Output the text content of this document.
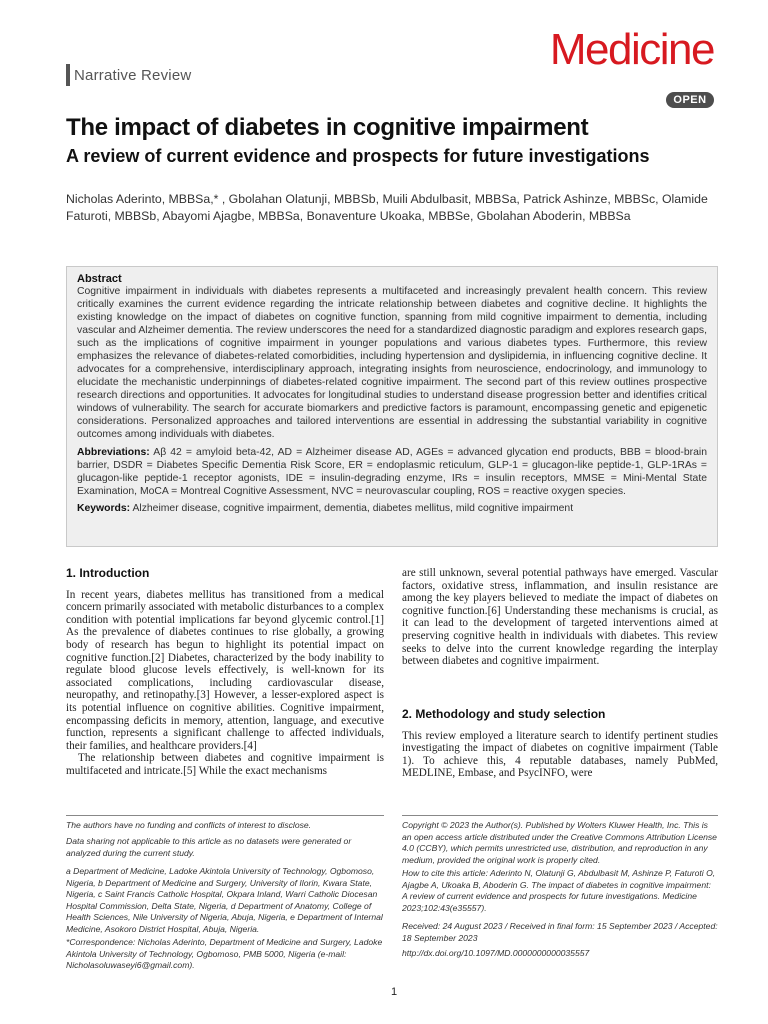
Narrative Review
Medicine
OPEN
The impact of diabetes in cognitive impairment
A review of current evidence and prospects for future investigations
Nicholas Aderinto, MBBSa,* , Gbolahan Olatunji, MBBSb, Muili Abdulbasit, MBBSa, Patrick Ashinze, MBBSc, Olamide Faturoti, MBBSb, Abayomi Ajagbe, MBBSa, Bonaventure Ukoaka, MBBSe, Gbolahan Aboderin, MBBSa
Abstract
Cognitive impairment in individuals with diabetes represents a multifaceted and increasingly prevalent health concern. This review critically examines the current evidence regarding the intricate relationship between diabetes and cognitive decline. It highlights the existing knowledge on the impact of diabetes on cognitive function, spanning from mild cognitive impairment to dementia, including vascular and Alzheimer dementia. The review underscores the need for a standardized diagnostic paradigm and explores research gaps, such as the implications of cognitive impairment in younger populations and various diabetes types. Furthermore, this review emphasizes the relevance of diabetes-related comorbidities, including hypertension and dyslipidemia, in influencing cognitive decline. It advocates for a comprehensive, interdisciplinary approach, integrating insights from neuroscience, endocrinology, and immunology to elucidate the mechanistic underpinnings of diabetes-related cognitive impairment. The second part of this review outlines prospective research directions and opportunities. It advocates for longitudinal studies to understand disease progression better and identifies critical windows of vulnerability. The search for accurate biomarkers and predictive factors is paramount, encompassing genetic and epigenetic considerations. Personalized approaches and tailored interventions are essential in addressing the substantial variability in cognitive outcomes among individuals with diabetes.
Abbreviations: Aβ 42 = amyloid beta-42, AD = Alzheimer disease AD, AGEs = advanced glycation end products, BBB = blood-brain barrier, DSDR = Diabetes Specific Dementia Risk Score, ER = endoplasmic reticulum, GLP-1 = glucagon-like peptide-1, GLP-1RAs = glucagon-like peptide-1 receptor agonists, IDE = insulin-degrading enzyme, IRs = insulin receptors, MMSE = Mini-Mental State Examination, MoCA = Montreal Cognitive Assessment, NVC = neurovascular coupling, ROS = reactive oxygen species.
Keywords: Alzheimer disease, cognitive impairment, dementia, diabetes mellitus, mild cognitive impairment
1. Introduction

In recent years, diabetes mellitus has transitioned from a medical concern primarily associated with metabolic disturbances to a complex condition with potential implications far beyond glycemic control.[1] As the prevalence of diabetes continues to rise globally, a growing body of research has begun to highlight its potential impact on cognitive function.[2] Diabetes, characterized by the body inability to regulate blood glucose levels effectively, is well-known for its associated complications, including cardiovascular disease, neuropathy, and retinopathy.[3] However, a lesser-explored aspect is its potential influence on cognitive abilities. Cognitive impairment, encompassing deficits in memory, attention, language, and executive function, represents a significant challenge to affected individuals, their families, and healthcare providers.[4]

The relationship between diabetes and cognitive impairment is multifaceted and intricate.[5] While the exact mechanisms

are still unknown, several potential pathways have emerged. Vascular factors, oxidative stress, inflammation, and insulin resistance are among the key players believed to mediate the impact of diabetes on cognitive function.[6] Understanding these mechanisms is crucial, as it can lead to the development of targeted interventions aimed at preserving cognitive health in individuals with diabetes. This review seeks to delve into the current knowledge regarding the interplay between diabetes and cognitive impairment.

2. Methodology and study selection

This review employed a literature search to identify pertinent studies investigating the impact of diabetes on cognitive impairment (Table 1). To achieve this, 4 reputable databases, namely PubMed, MEDLINE, Embase, and PsycINFO, were

The authors have no funding and conflicts of interest to disclose.
Data sharing not applicable to this article as no datasets were generated or analyzed during the current study.
a Department of Medicine, Ladoke Akintola University of Technology, Ogbomoso, Nigeria, b Department of Medicine and Surgery, University of Ilorin, Kwara State, Nigeria, c Saint Francis Catholic Hospital, Okpara Inland, Warri Catholic Diocesan Hospital Commission, Delta State, Nigeria, d Department of Anatomy, College of Health Sciences, Nile University of Nigeria, Abuja, Nigeria, e Department of Internal Medicine, Asokoro District Hospital, Abuja, Nigeria.
*Correspondence: Nicholas Aderinto, Department of Medicine and Surgery, Ladoke Akintola University of Technology, Ogbomoso, PMB 5000, Nigeria (e-mail: Nicholasoluwaseyi6@gmail.com).
Copyright © 2023 the Author(s). Published by Wolters Kluwer Health, Inc. This is an open access article distributed under the Creative Commons Attribution License 4.0 (CCBY), which permits unrestricted use, distribution, and reproduction in any medium, provided the original work is properly cited.
How to cite this article: Aderinto N, Olatunji G, Abdulbasit M, Ashinze P, Faturoti O, Ajagbe A, Ukoaka B, Aboderin G. The impact of diabetes in cognitive impairment: A review of current evidence and prospects for future investigations. Medicine 2023;102:43(e35557).
Received: 24 August 2023 / Received in final form: 15 September 2023 / Accepted: 18 September 2023
http://dx.doi.org/10.1097/MD.0000000000035557
1
